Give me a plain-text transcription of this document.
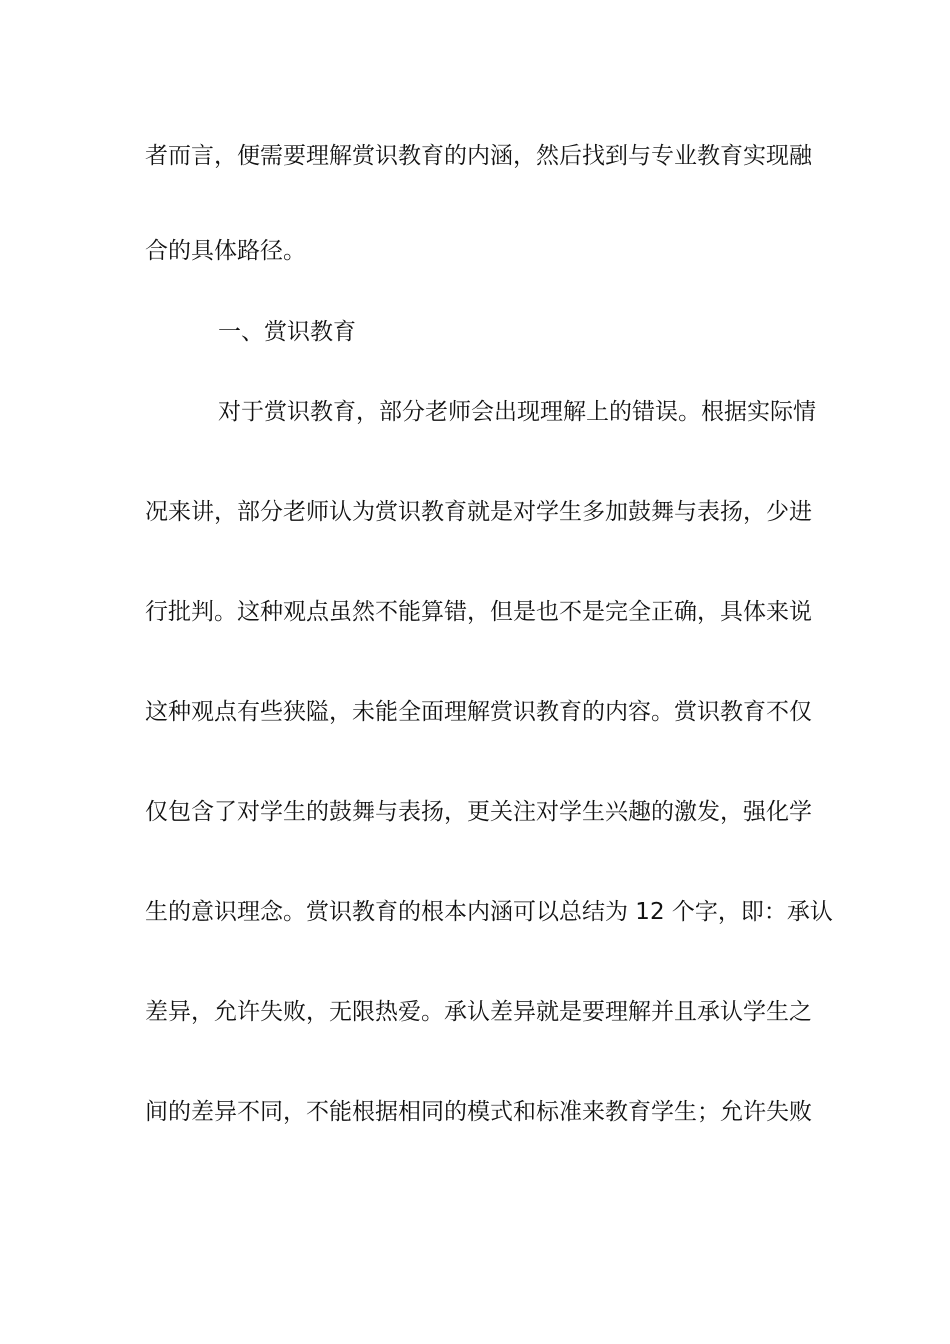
者而言，便需要理解赏识教育的内涵，然后找到与专业教育实现融
合的具体路径。
一、赏识教育
对于赏识教育，部分老师会出现理解上的错误。根据实际情
况来讲，部分老师认为赏识教育就是对学生多加鼓舞与表扬，少进
行批判。这种观点虽然不能算错，但是也不是完全正确，具体来说
这种观点有些狭隘，未能全面理解赏识教育的内容。赏识教育不仅
仅包含了对学生的鼓舞与表扬，更关注对学生兴趣的激发，强化学
生的意识理念。赏识教育的根本内涵可以总结为 12 个字，即：承认
差异，允许失败，无限热爱。承认差异就是要理解并且承认学生之
间的差异不同，不能根据相同的模式和标准来教育学生；允许失败
